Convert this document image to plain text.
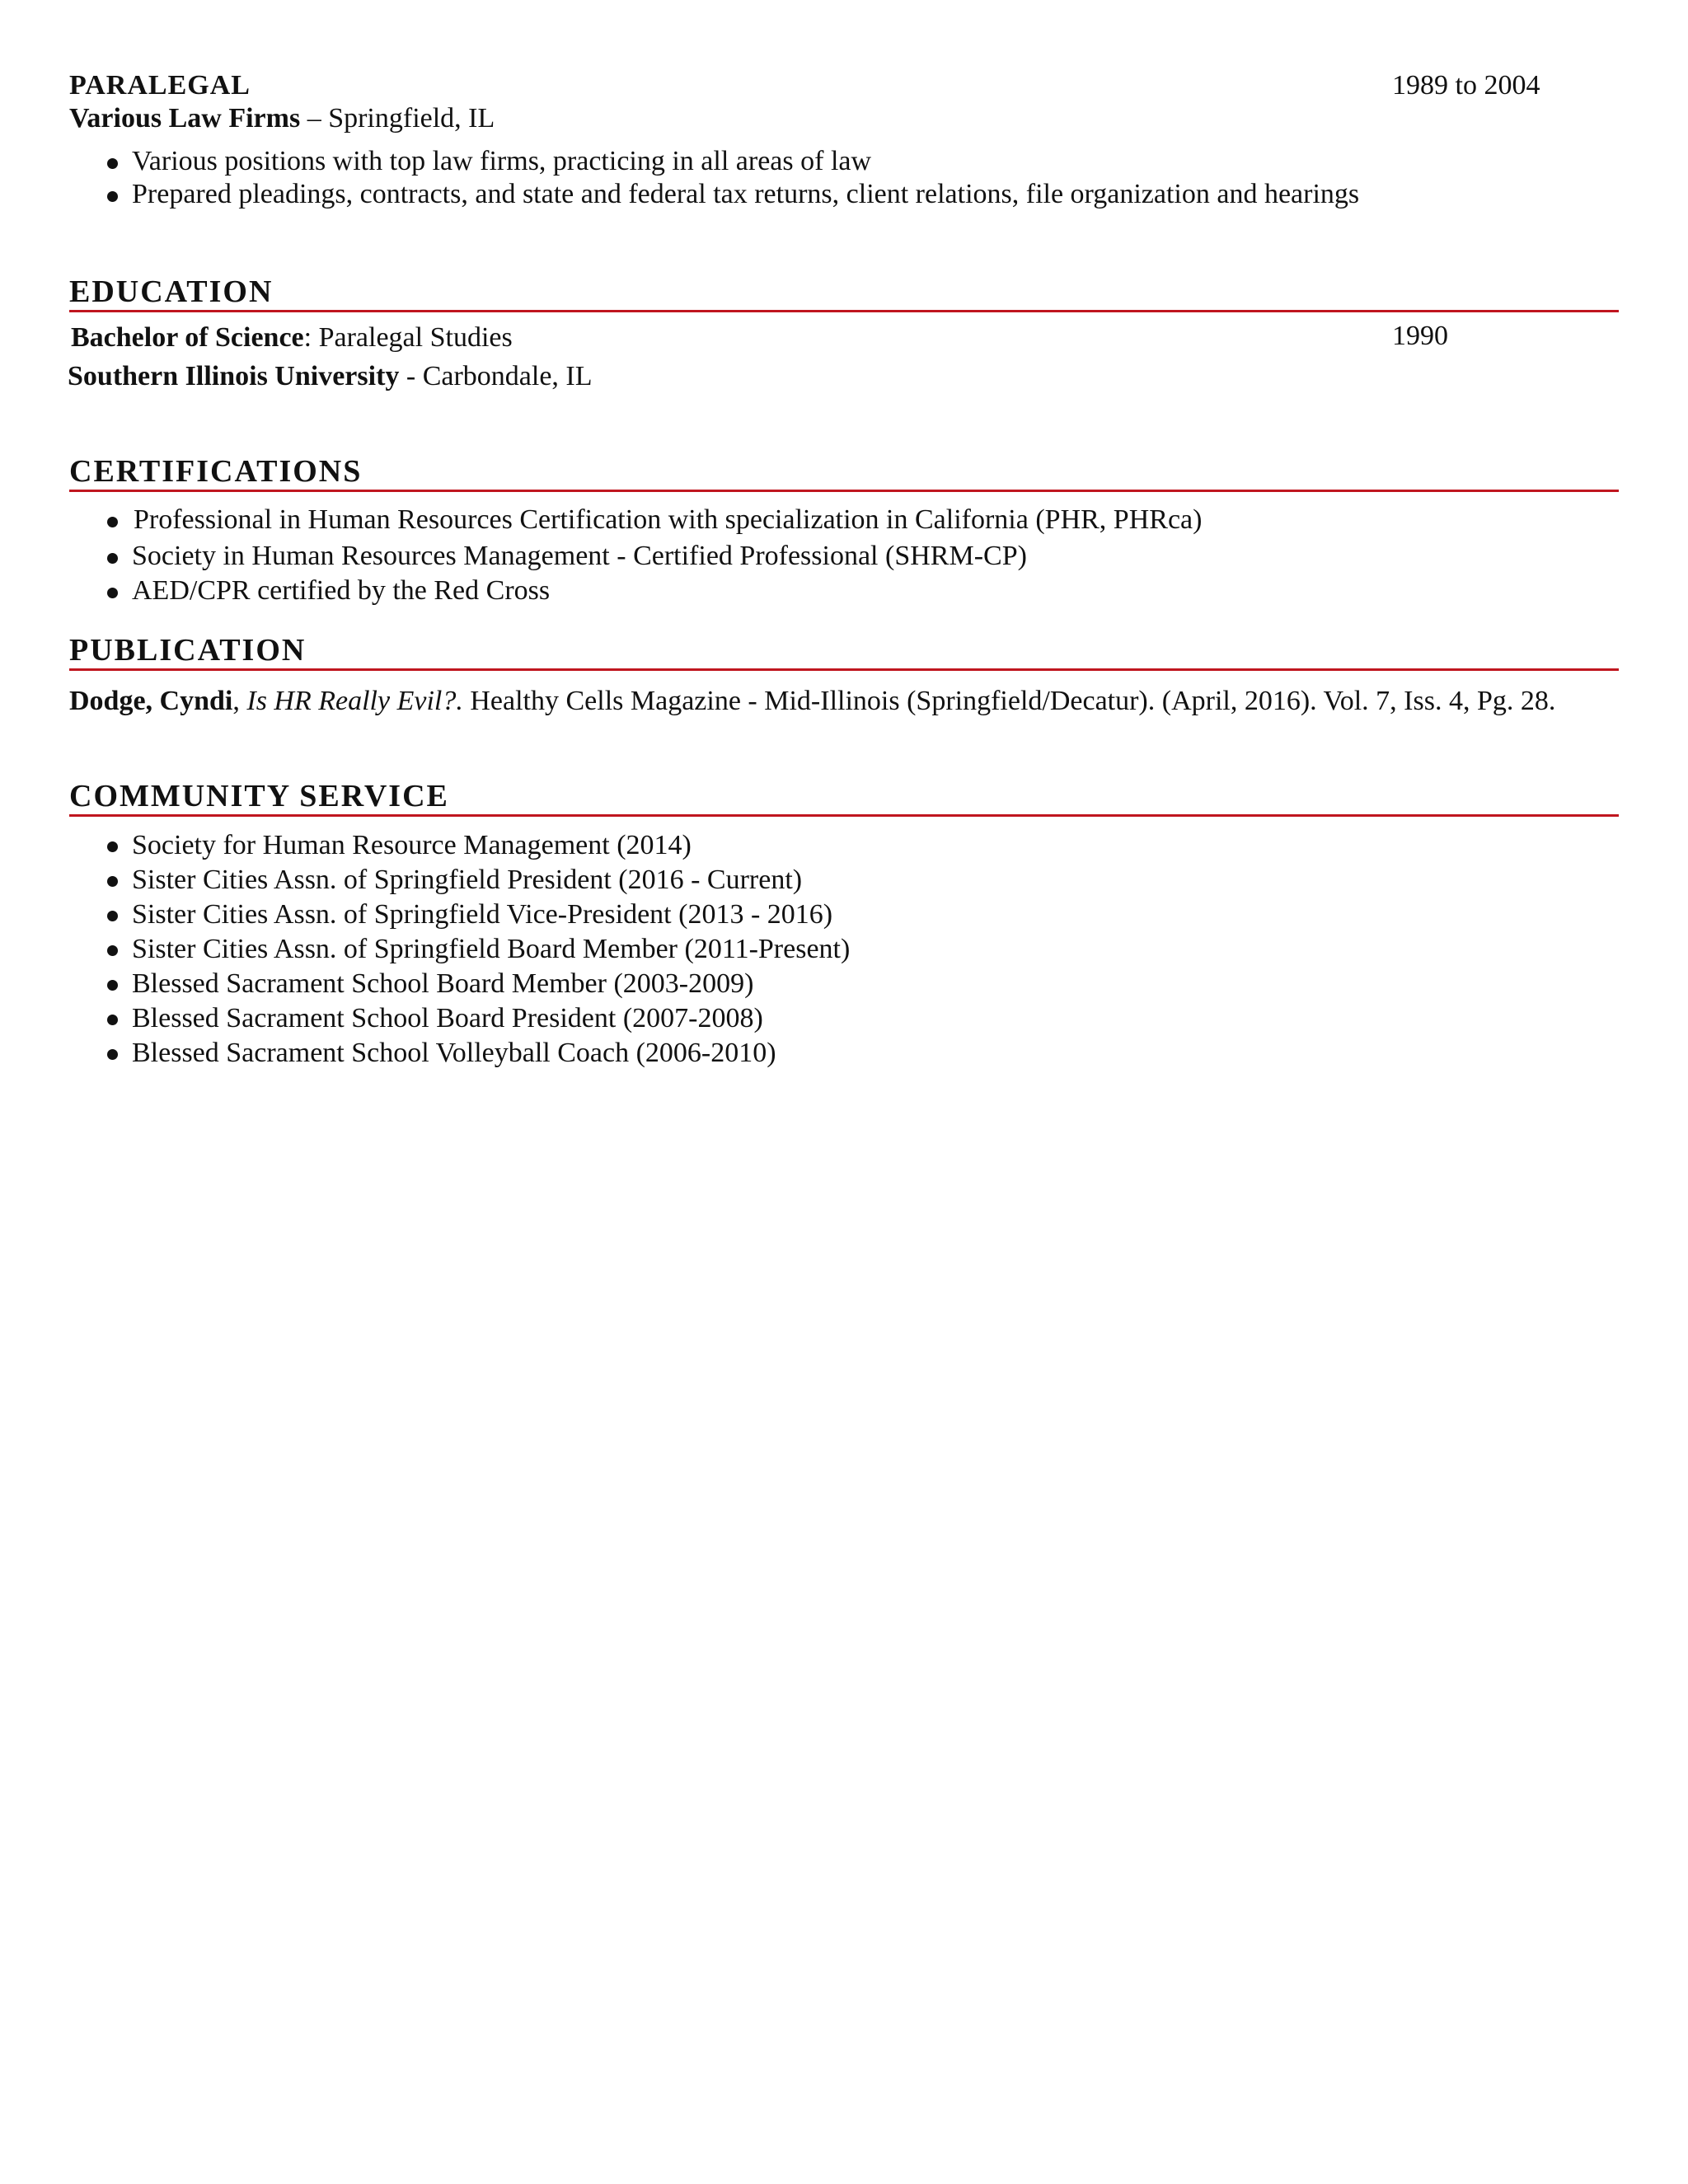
PARALEGAL
Various Law Firms – Springfield, IL
1989 to 2004
Various positions with top law firms, practicing in all areas of law
Prepared pleadings, contracts, and state and federal tax returns, client relations, file organization and hearings
EDUCATION
Bachelor of Science: Paralegal Studies	1990
Southern Illinois University - Carbondale, IL
CERTIFICATIONS
Professional in Human Resources Certification with specialization in California (PHR, PHRca)
Society in Human Resources Management - Certified Professional (SHRM-CP)
AED/CPR certified by the Red Cross
PUBLICATION
Dodge, Cyndi, Is HR Really Evil?. Healthy Cells Magazine - Mid-Illinois (Springfield/Decatur). (April, 2016). Vol. 7, Iss. 4, Pg. 28.
COMMUNITY SERVICE
Society for Human Resource Management (2014)
Sister Cities Assn. of Springfield President (2016 - Current)
Sister Cities Assn. of Springfield Vice-President (2013 - 2016)
Sister Cities Assn. of Springfield Board Member (2011-Present)
Blessed Sacrament School Board Member (2003-2009)
Blessed Sacrament School Board President (2007-2008)
Blessed Sacrament School Volleyball Coach (2006-2010)
